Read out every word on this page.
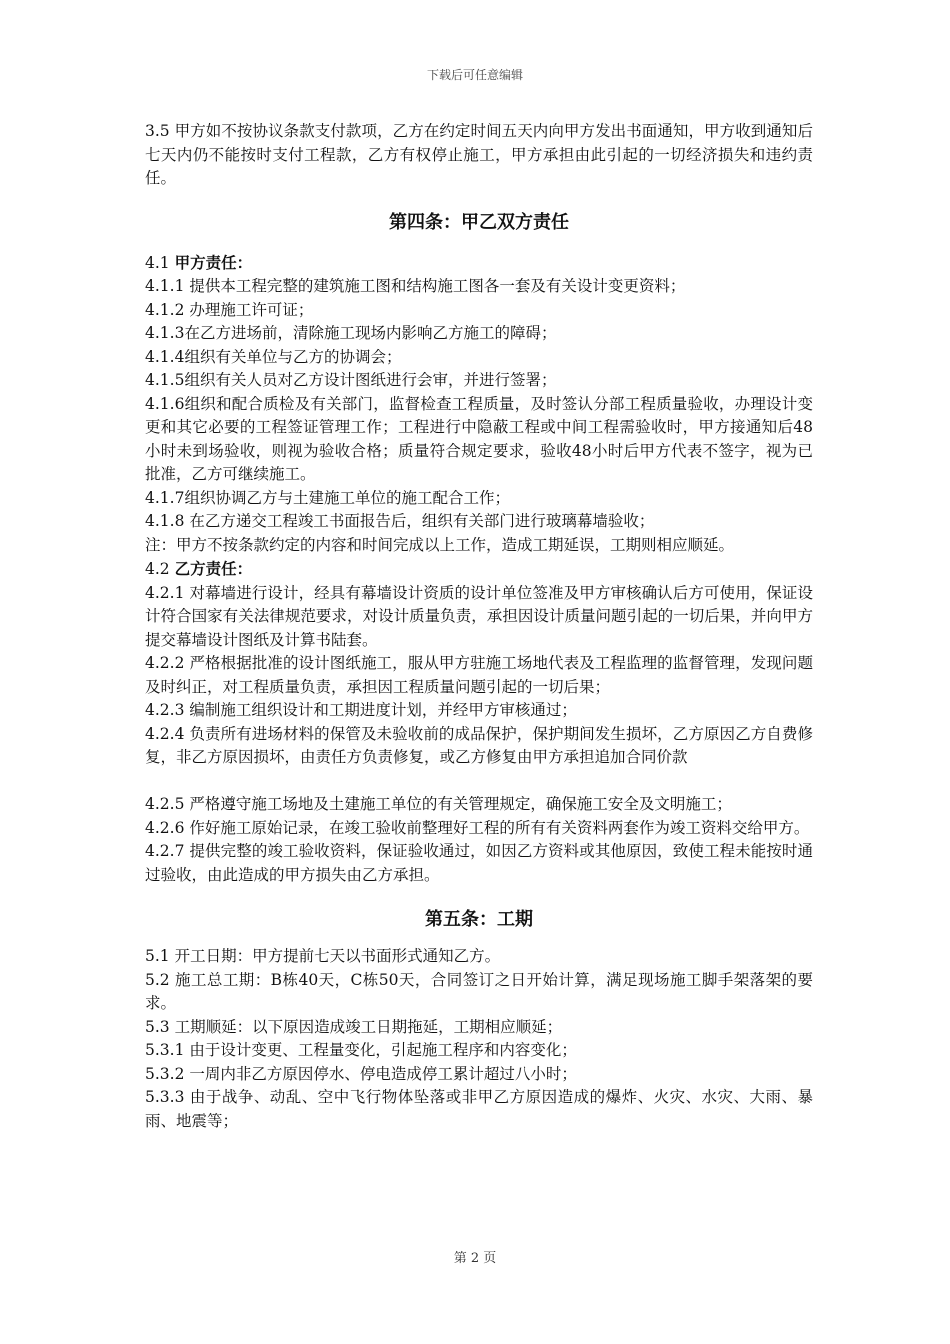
下载后可任意编辑

3.5 甲方如不按协议条款支付款项，乙方在约定时间五天内向甲方发出书面通知，甲方收到通知后七天内仍不能按时支付工程款，乙方有权停止施工，甲方承担由此引起的一切经济损失和违约责任。

第四条：甲乙双方责任

4.1 甲方责任：

4.1.1 提供本工程完整的建筑施工图和结构施工图各一套及有关设计变更资料；

4.1.2 办理施工许可证；

4.1.3在乙方进场前，清除施工现场内影响乙方施工的障碍；

4.1.4组织有关单位与乙方的协调会；

4.1.5组织有关人员对乙方设计图纸进行会审，并进行签署；

4.1.6组织和配合质检及有关部门，监督检查工程质量，及时签认分部工程质量验收，办理设计变更和其它必要的工程签证管理工作；工程进行中隐蔽工程或中间工程需验收时，甲方接通知后48小时未到场验收，则视为验收合格；质量符合规定要求，验收48小时后甲方代表不签字，视为已批准，乙方可继续施工。

4.1.7组织协调乙方与土建施工单位的施工配合工作；

4.1.8 在乙方递交工程竣工书面报告后，组织有关部门进行玻璃幕墙验收；

注：甲方不按条款约定的内容和时间完成以上工作，造成工期延误，工期则相应顺延。

4.2 乙方责任：

4.2.1 对幕墙进行设计，经具有幕墙设计资质的设计单位签准及甲方审核确认后方可使用，保证设计符合国家有关法律规范要求，对设计质量负责，承担因设计质量问题引起的一切后果，并向甲方提交幕墙设计图纸及计算书陆套。

4.2.2 严格根据批准的设计图纸施工，服从甲方驻施工场地代表及工程监理的监督管理，发现问题及时纠正，对工程质量负责，承担因工程质量问题引起的一切后果；

4.2.3 编制施工组织设计和工期进度计划，并经甲方审核通过；

4.2.4 负责所有进场材料的保管及未验收前的成品保护，保护期间发生损坏，乙方原因乙方自费修复，非乙方原因损坏，由责任方负责修复，或乙方修复由甲方承担追加合同价款

4.2.5 严格遵守施工场地及土建施工单位的有关管理规定，确保施工安全及文明施工；

4.2.6 作好施工原始记录，在竣工验收前整理好工程的所有有关资料两套作为竣工资料交给甲方。

4.2.7 提供完整的竣工验收资料，保证验收通过，如因乙方资料或其他原因，致使工程未能按时通过验收，由此造成的甲方损失由乙方承担。

第五条：工期

5.1 开工日期：甲方提前七天以书面形式通知乙方。

5.2 施工总工期：B栋40天，C栋50天，合同签订之日开始计算，满足现场施工脚手架落架的要求。

5.3 工期顺延：以下原因造成竣工日期拖延，工期相应顺延；

5.3.1 由于设计变更、工程量变化，引起施工程序和内容变化；

5.3.2 一周内非乙方原因停水、停电造成停工累计超过八小时；

5.3.3 由于战争、动乱、空中飞行物体坠落或非甲乙方原因造成的爆炸、火灾、水灾、大雨、暴雨、地震等；

第 2 页
